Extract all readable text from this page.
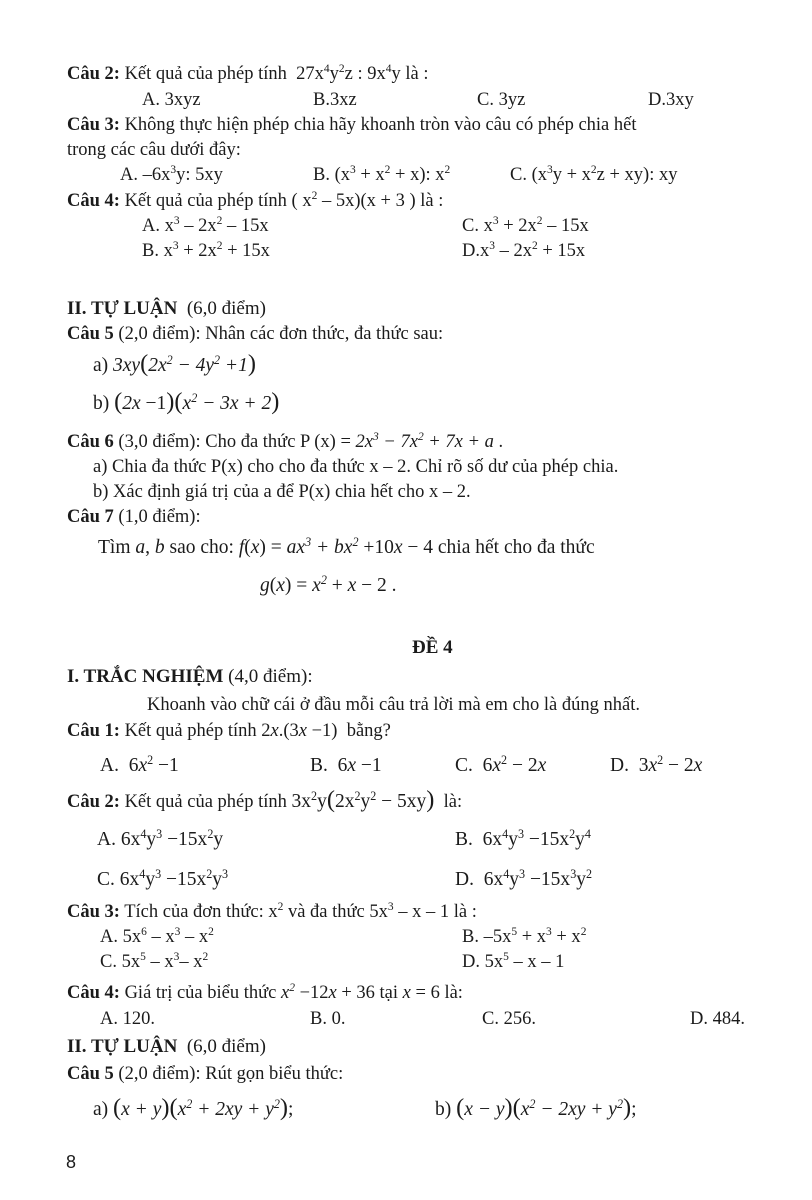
Câu 2: Kết quả của phép tính $27x^4y^2z$ : $9x^4y$ là :
A. 3xyz	B.3xz	C. 3yz	D.3xy
Câu 3: Không thực hiện phép chia hãy khoanh tròn vào câu có phép chia hết
trong các câu dưới đây:
A. $-6x^3y$: 5xy	B. $(x^3 + x^2 + x)$: $x^2$	C. $(x^3y + x^2z + xy)$: xy
Câu 4: Kết quả của phép tính ( $x^2 - 5x)(x + 3$ ) là :
A. $x^3 - 2x^2 - 15x$	C. $x^3 + 2x^2 - 15x$
B. $x^3 + 2x^2 + 15x$	$D.x^3 - 2x^2 + 15x$
II. TỰ LUẬN (6,0 điểm)
Câu 5 (2,0 điểm): Nhân các đơn thức, đa thức sau:
a) $3xy(2x^2 - 4y^2 +1)$
b) $(2x -1)(x^2 - 3x + 2)$
Câu 6 (3,0 điểm): Cho đa thức P $(x) = 2x^3 - 7x^2 + 7x + a$ .
a) Chia đa thức P(x) cho cho đa thức x – 2. Chỉ rõ số dư của phép chia.
b) Xác định giá trị của a để P(x) chia hết cho x – 2.
Câu 7 (1,0 điểm):
Tìm a, b sao cho: $f(x) = ax^3 + bx^2 +10x - 4$ chia hết cho đa thức
$g(x) = x^2 + x - 2$ .
ĐỀ 4
I. TRẮC NGHIỆM (4,0 điểm):
Khoanh vào chữ cái ở đầu mỗi câu trả lời mà em cho là đúng nhất.
Câu 1: Kết quả phép tính 2x.(3x −1) bằng?
A.  $6x^2 -1$	B.  6x −1	C.  $6x^2 - 2x$	D.  $3x^2 - 2x$
Câu 2: Kết quả của phép tính $3x^2y(2x^2y^2 - 5xy)$ là:
A. $6x^4y^3 -15x^2y$	B.  $6x^4y^3 -15x^2y^4$
C. $6x^4y^3 -15x^2y^3$	D.  $6x^4y^3 -15x^3y^2$
Câu 3: Tích của đơn thức: $x^2$ và đa thức $5x^3$ – x – 1 là :
A. $5x^6 - x^3 - x^2$	B. $-5x^5 + x^3 + x^2$
C. $5x^5 - x^3-$ $x^2$	D. $5x^5$ – x – 1
Câu 4: Giá trị của biểu thức $x^2 -12x + 36$ tại x = 6 là:
A. 120.	B. 0.	C. 256.	D. 484.
II. TỰ LUẬN (6,0 điểm)
Câu 5 (2,0 điểm): Rút gọn biểu thức:
a) $(x + y)(x^2 + 2xy + y^2)$;	b) $(x - y)(x^2 - 2xy + y^2)$;
8
